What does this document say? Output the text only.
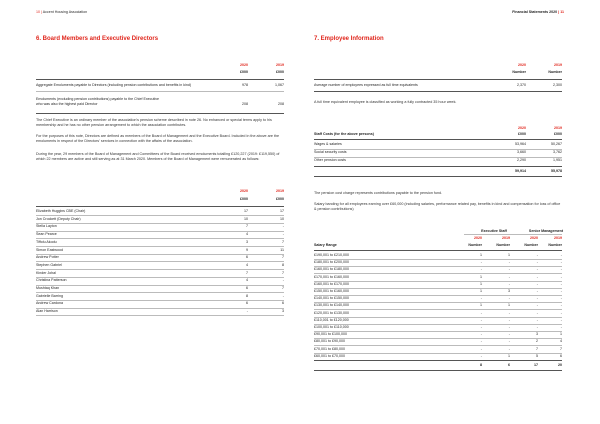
10 | Accent Housing Association	Financial Statements 2020 | 11
6. Board Members and Executive Directors
2020	2019
£000	£000
Aggregate Emoluments payable to Directors (including pension contributions and benefits in kind)	978	1,067
Emoluments (excluding pension contributions) payable to the Chief Executive
who was also the highest paid Director	208	208
The Chief Executive is an ordinary member of the association's pension scheme described in note 26. No enhanced or special terms apply to his membership and he has no other pension arrangement to which the association contributes.
For the purposes of this note, Directors are defined as members of the Board of Management and the Executive Board. Included in the above are the emoluments in respect of the Directors' services in connection with the affairs of the association.
During the year, 29 members of the Board of Management and Committees of the Board received emoluments totalling £120,227 (2019: £119,550) of which 22 members are active and still serving as at 31 March 2020. Members of the Board of Management were remunerated as follows:
2020	2019
£000	£000
Elizabeth Huggins CBE (Chair)	17	17
Jon Crockett (Deputy Chair)	10	10
Stella Layton	7	-
Sean Pearce	4	-
Tiffolu Akodu	3	7
Simon Eastwood	9	11
Andrew Potter	6	7
Stephen Gabriel	4	8
Kinder Johal	7	7
Christina Patterson	4	-
Mushtaq Khan	6	7
Gabrielle Barring	8	-
Andrew Cardona	6	6
Alan Harrison	-	3
7. Employee Information
2020	2019
Number	Number
Average number of employees expressed as full time equivalents	2,370	2,300
A full time equivalent employee is classified as working a fully contracted 35 hour week.
2020	2019
Staff Costs (for the above persons)	£000	£000
Wages & salaries	53,964	50,267
Social security costs	3,660	3,762
Other pension costs	2,290	1,951
59,914	55,978
The pension cost charge represents contributions payable to the pension fund.
Salary banding for all employees earning over £60,000 (including salaries, performance related pay, benefits in kind and compensation for loss of office & pension contributions)
Executive Staff	Senior Management
2020	2019	2020	2019
Salary Range	Number	Number	Number	Number
£190,001 to £210,000	1	1	-	-
£180,001 to £200,000	-	-	-	-
£160,001 to £180,000	-	-	-	-
£170,001 to £160,000	1	-	-	-
£160,001 to £170,000	1	-	-	-
£150,001 to £160,000	1	3	-	-
£140,001 to £150,000	-	-	-	-
£130,001 to £140,000	1	1	-	-
£120,001 to £130,000	-	-	-	-
£110,001 to £120,000	-	-	-	-
£100,001 to £110,000	-	-	-	-
£90,001 to £100,000	-	-	3	1
£80,001 to £90,000	-	-	2	4
£70,001 to £80,000	-	-	7	7
£60,001 to £70,000	-	1	5	6
8	6	17	20
